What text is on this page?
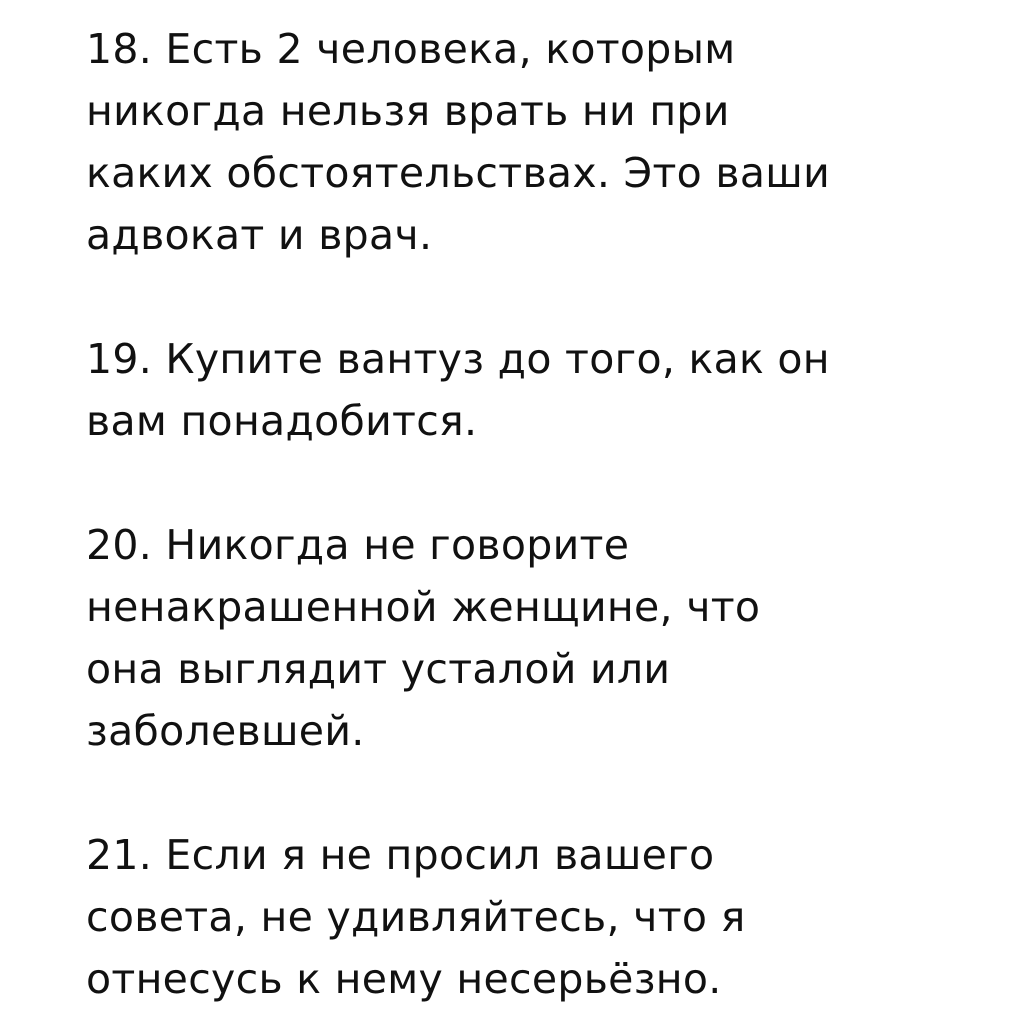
18. Есть 2 человека, которым
никогда нельзя врать ни при
каких обстоятельствах. Это ваши
адвокат и врач.
19. Купите вантуз до того, как он
вам понадобится.
20. Никогда не говорите
ненакрашенной женщине, что
она выглядит усталой или
заболевшей.
21. Если я не просил вашего
совета, не удивляйтесь, что я
отнесусь к нему несерьёзно.
